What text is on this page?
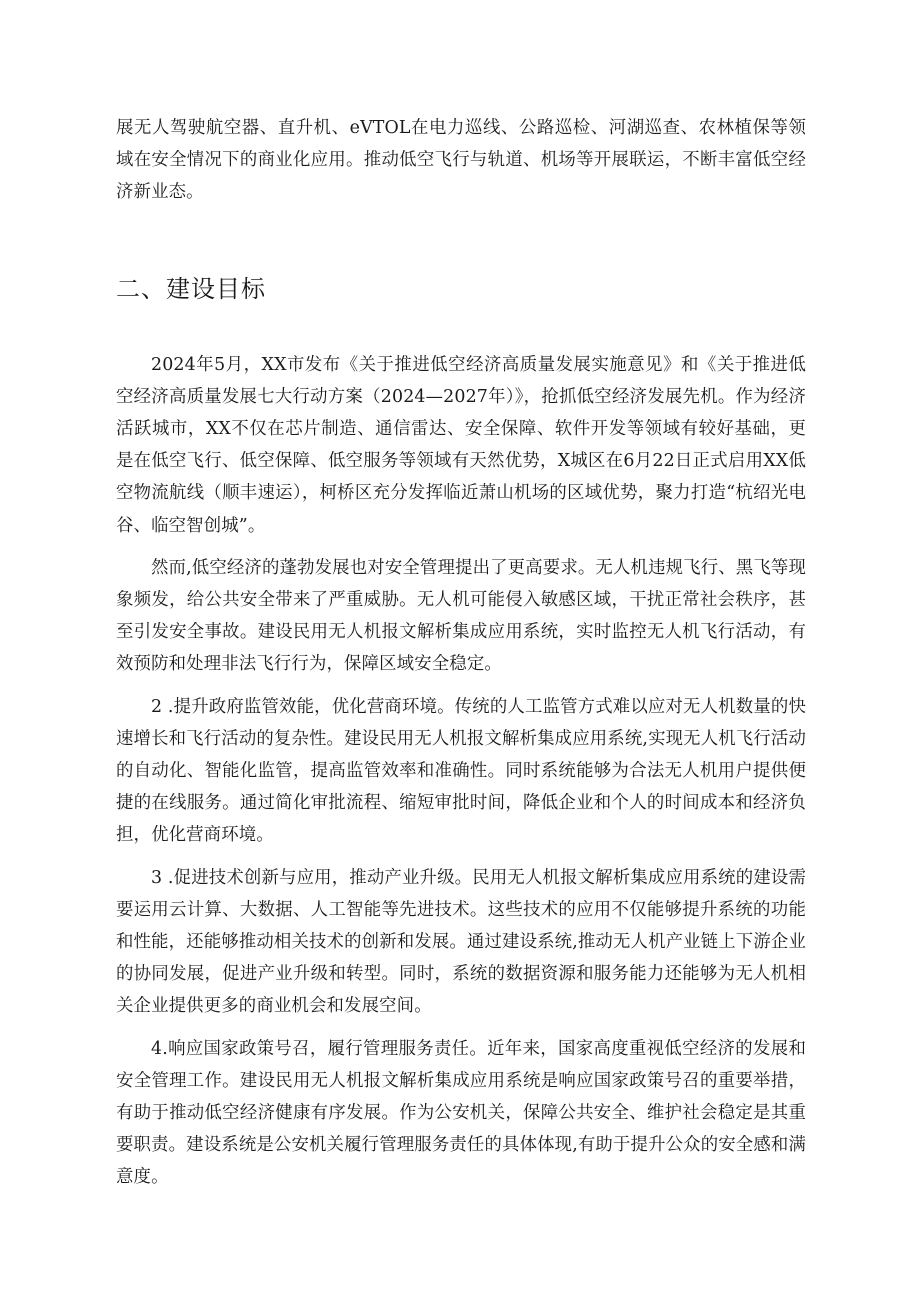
展无人驾驶航空器、直升机、eVTOL在电力巡线、公路巡检、河湖巡查、农林植保等领域在安全情况下的商业化应用。推动低空飞行与轨道、机场等开展联运，不断丰富低空经济新业态。

二、建设目标

2024年5月，XX市发布《关于推进低空经济高质量发展实施意见》和《关于推进低空经济高质量发展七大行动方案（2024—2027年）》，抢抓低空经济发展先机。作为经济活跃城市，XX不仅在芯片制造、通信雷达、安全保障、软件开发等领域有较好基础，更是在低空飞行、低空保障、低空服务等领域有天然优势，X城区在6月22日正式启用XX低空物流航线（顺丰速运），柯桥区充分发挥临近萧山机场的区域优势，聚力打造“杭绍光电谷、临空智创城”。

然而,低空经济的蓬勃发展也对安全管理提出了更高要求。无人机违规飞行、黑飞等现象频发，给公共安全带来了严重威胁。无人机可能侵入敏感区域，干扰正常社会秩序，甚至引发安全事故。建设民用无人机报文解析集成应用系统，实时监控无人机飞行活动，有效预防和处理非法飞行行为，保障区域安全稳定。

2 .提升政府监管效能，优化营商环境。传统的人工监管方式难以应对无人机数量的快速增长和飞行活动的复杂性。建设民用无人机报文解析集成应用系统,实现无人机飞行活动的自动化、智能化监管，提高监管效率和准确性。同时系统能够为合法无人机用户提供便捷的在线服务。通过简化审批流程、缩短审批时间，降低企业和个人的时间成本和经济负担，优化营商环境。

3 .促进技术创新与应用，推动产业升级。民用无人机报文解析集成应用系统的建设需要运用云计算、大数据、人工智能等先进技术。这些技术的应用不仅能够提升系统的功能和性能，还能够推动相关技术的创新和发展。通过建设系统,推动无人机产业链上下游企业的协同发展，促进产业升级和转型。同时，系统的数据资源和服务能力还能够为无人机相关企业提供更多的商业机会和发展空间。

4.响应国家政策号召，履行管理服务责任。近年来，国家高度重视低空经济的发展和安全管理工作。建设民用无人机报文解析集成应用系统是响应国家政策号召的重要举措，有助于推动低空经济健康有序发展。作为公安机关，保障公共安全、维护社会稳定是其重要职责。建设系统是公安机关履行管理服务责任的具体体现,有助于提升公众的安全感和满意度。
